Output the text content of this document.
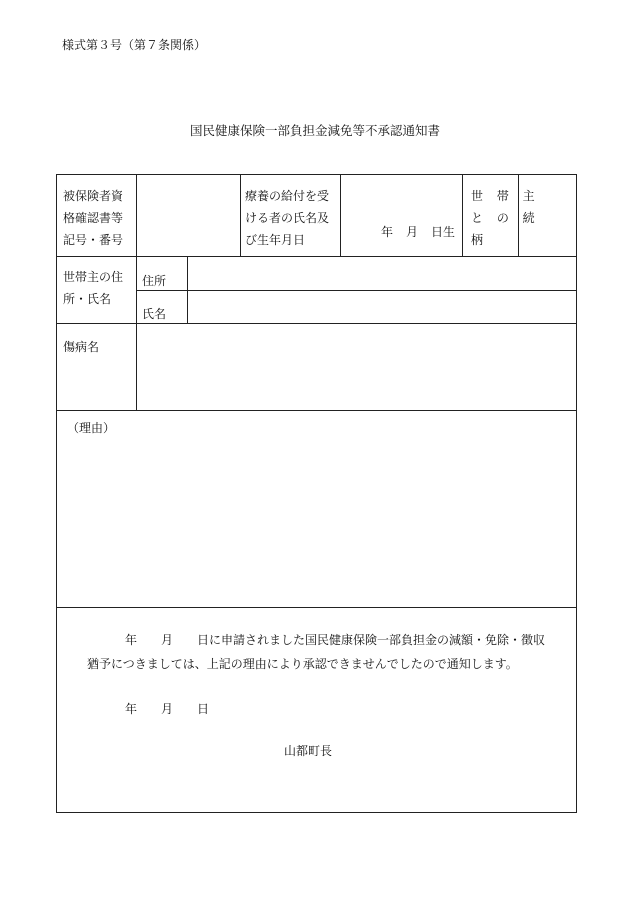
様式第３号（第７条関係）
国民健康保険一部負担金減免等不承認通知書
被保険者資
格確認書等
記号・番号
療養の給付を受
ける者の氏名及
び生年月日
年 月 日生
世 帯 主
と の 続
柄
世帯主の住
所・氏名
住所
氏名
傷病名
（理由）
年 月 日に申請されました国民健康保険一部負担金の減額・免除・徴収猶予につきましては、上記の理由により承認できませんでしたので通知します。
年 月 日
山都町長
